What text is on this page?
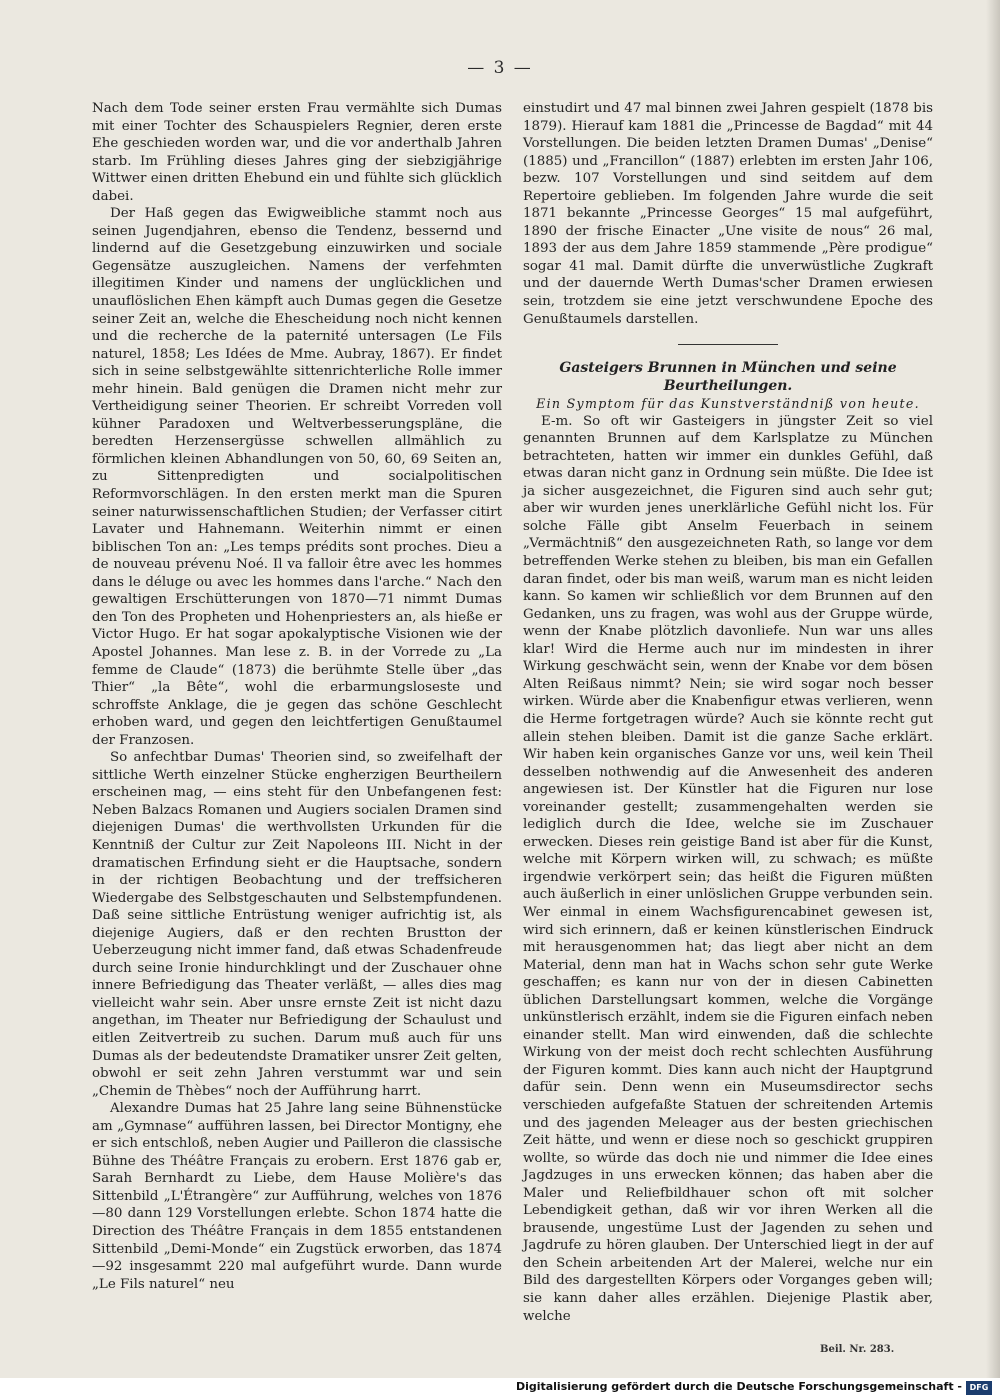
— 3 —

Nach dem Tode seiner ersten Frau vermählte sich Dumas mit einer Tochter des Schauspielers Regnier, deren erste Ehe geschieden worden war, und die vor anderthalb Jahren starb. Im Frühling dieses Jahres ging der siebzigjährige Wittwer einen dritten Ehebund ein und fühlte sich glücklich dabei.

Der Haß gegen das Ewigweibliche stammt noch aus seinen Jugendjahren, ebenso die Tendenz, bessernd und lindernd auf die Gesetzgebung einzuwirken und sociale Gegensätze auszugleichen. Namens der verfehmten illegitimen Kinder und namens der unglücklichen und unauflöslichen Ehen kämpft auch Dumas gegen die Gesetze seiner Zeit an, welche die Ehescheidung noch nicht kennen und die recherche de la paternité untersagen (Le Fils naturel, 1858; Les Idées de Mme. Aubray, 1867). Er findet sich in seine selbstgewählte sittenrichterliche Rolle immer mehr hinein. Bald genügen die Dramen nicht mehr zur Vertheidigung seiner Theorien. Er schreibt Vorreden voll kühner Paradoxen und Weltverbesserungspläne, die beredten Herzensergüsse schwellen allmählich zu förmlichen kleinen Abhandlungen von 50, 60, 69 Seiten an, zu Sittenpredigten und socialpolitischen Reformvorschlägen. In den ersten merkt man die Spuren seiner naturwissenschaftlichen Studien; der Verfasser citirt Lavater und Hahnemann. Weiterhin nimmt er einen biblischen Ton an: „Les temps prédits sont proches. Dieu a de nouveau prévenu Noé. Il va falloir être avec les hommes dans le déluge ou avec les hommes dans l'arche.“ Nach den gewaltigen Erschütterungen von 1870—71 nimmt Dumas den Ton des Propheten und Hohenpriesters an, als hieße er Victor Hugo. Er hat sogar apokalyptische Visionen wie der Apostel Johannes. Man lese z. B. in der Vorrede zu „La femme de Claude“ (1873) die berühmte Stelle über „das Thier“ „la Bête“, wohl die erbarmungsloseste und schroffste Anklage, die je gegen das schöne Geschlecht erhoben ward, und gegen den leichtfertigen Genußtaumel der Franzosen.

So anfechtbar Dumas' Theorien sind, so zweifelhaft der sittliche Werth einzelner Stücke engherzigen Beurtheilern erscheinen mag, — eins steht für den Unbefangenen fest: Neben Balzacs Romanen und Augiers socialen Dramen sind diejenigen Dumas' die werthvollsten Urkunden für die Kenntniß der Cultur zur Zeit Napoleons III. Nicht in der dramatischen Erfindung sieht er die Hauptsache, sondern in der richtigen Beobachtung und der treffsicheren Wiedergabe des Selbstgeschauten und Selbstempfundenen. Daß seine sittliche Entrüstung weniger aufrichtig ist, als diejenige Augiers, daß er den rechten Brustton der Ueberzeugung nicht immer fand, daß etwas Schadenfreude durch seine Ironie hindurchklingt und der Zuschauer ohne innere Befriedigung das Theater verläßt, — alles dies mag vielleicht wahr sein. Aber unsre ernste Zeit ist nicht dazu angethan, im Theater nur Befriedigung der Schaulust und eitlen Zeitvertreib zu suchen. Darum muß auch für uns Dumas als der bedeutendste Dramatiker unsrer Zeit gelten, obwohl er seit zehn Jahren verstummt war und sein „Chemin de Thèbes“ noch der Aufführung harrt.

Alexandre Dumas hat 25 Jahre lang seine Bühnenstücke am „Gymnase“ aufführen lassen, bei Director Montigny, ehe er sich entschloß, neben Augier und Pailleron die classische Bühne des Théâtre Français zu erobern. Erst 1876 gab er, Sarah Bernhardt zu Liebe, dem Hause Molière's das Sittenbild „L'Étrangère“ zur Aufführung, welches von 1876—80 dann 129 Vorstellungen erlebte. Schon 1874 hatte die Direction des Théâtre Français in dem 1855 entstandenen Sittenbild „Demi-Monde“ ein Zugstück erworben, das 1874—92 insgesammt 220 mal aufgeführt wurde. Dann wurde „Le Fils naturel“ neu

einstudirt und 47 mal binnen zwei Jahren gespielt (1878 bis 1879). Hierauf kam 1881 die „Princesse de Bagdad“ mit 44 Vorstellungen. Die beiden letzten Dramen Dumas' „Denise“ (1885) und „Francillon“ (1887) erlebten im ersten Jahr 106, bezw. 107 Vorstellungen und sind seitdem auf dem Repertoire geblieben. Im folgenden Jahre wurde die seit 1871 bekannte „Princesse Georges“ 15 mal aufgeführt, 1890 der frische Einacter „Une visite de nous“ 26 mal, 1893 der aus dem Jahre 1859 stammende „Père prodigue“ sogar 41 mal. Damit dürfte die unverwüstliche Zugkraft und der dauernde Werth Dumas'scher Dramen erwiesen sein, trotzdem sie eine jetzt verschwundene Epoche des Genußtaumels darstellen.

Gasteigers Brunnen in München und seine Beurtheilungen.

Ein Symptom für das Kunstverständniß von heute.

E-m. So oft wir Gasteigers in jüngster Zeit so viel genannten Brunnen auf dem Karlsplatze zu München betrachteten, hatten wir immer ein dunkles Gefühl, daß etwas daran nicht ganz in Ordnung sein müßte. Die Idee ist ja sicher ausgezeichnet, die Figuren sind auch sehr gut; aber wir wurden jenes unerklärliche Gefühl nicht los. Für solche Fälle gibt Anselm Feuerbach in seinem „Vermächtniß“ den ausgezeichneten Rath, so lange vor dem betreffenden Werke stehen zu bleiben, bis man ein Gefallen daran findet, oder bis man weiß, warum man es nicht leiden kann. So kamen wir schließlich vor dem Brunnen auf den Gedanken, uns zu fragen, was wohl aus der Gruppe würde, wenn der Knabe plötzlich davonliefe. Nun war uns alles klar! Wird die Herme auch nur im mindesten in ihrer Wirkung geschwächt sein, wenn der Knabe vor dem bösen Alten Reißaus nimmt? Nein; sie wird sogar noch besser wirken. Würde aber die Knabenfigur etwas verlieren, wenn die Herme fortgetragen würde? Auch sie könnte recht gut allein stehen bleiben. Damit ist die ganze Sache erklärt. Wir haben kein organisches Ganze vor uns, weil kein Theil desselben nothwendig auf die Anwesenheit des anderen angewiesen ist. Der Künstler hat die Figuren nur lose voreinander gestellt; zusammengehalten werden sie lediglich durch die Idee, welche sie im Zuschauer erwecken. Dieses rein geistige Band ist aber für die Kunst, welche mit Körpern wirken will, zu schwach; es müßte irgendwie verkörpert sein; das heißt die Figuren müßten auch äußerlich in einer unlöslichen Gruppe verbunden sein. Wer einmal in einem Wachsfigurencabinet gewesen ist, wird sich erinnern, daß er keinen künstlerischen Eindruck mit herausgenommen hat; das liegt aber nicht an dem Material, denn man hat in Wachs schon sehr gute Werke geschaffen; es kann nur von der in diesen Cabinetten üblichen Darstellungsart kommen, welche die Vorgänge unkünstlerisch erzählt, indem sie die Figuren einfach neben einander stellt. Man wird einwenden, daß die schlechte Wirkung von der meist doch recht schlechten Ausführung der Figuren kommt. Dies kann auch nicht der Hauptgrund dafür sein. Denn wenn ein Museumsdirector sechs verschieden aufgefaßte Statuen der schreitenden Artemis und des jagenden Meleager aus der besten griechischen Zeit hätte, und wenn er diese noch so geschickt gruppiren wollte, so würde das doch nie und nimmer die Idee eines Jagdzuges in uns erwecken können; das haben aber die Maler und Reliefbildhauer schon oft mit solcher Lebendigkeit gethan, daß wir vor ihren Werken all die brausende, ungestüme Lust der Jagenden zu sehen und Jagdrufe zu hören glauben. Der Unterschied liegt in der auf den Schein arbeitenden Art der Malerei, welche nur ein Bild des dargestellten Körpers oder Vorganges geben will; sie kann daher alles erzählen. Diejenige Plastik aber, welche

Beil. Nr. 283.
Digitalisierung gefördert durch die Deutsche Forschungsgemeinschaft - DFG
